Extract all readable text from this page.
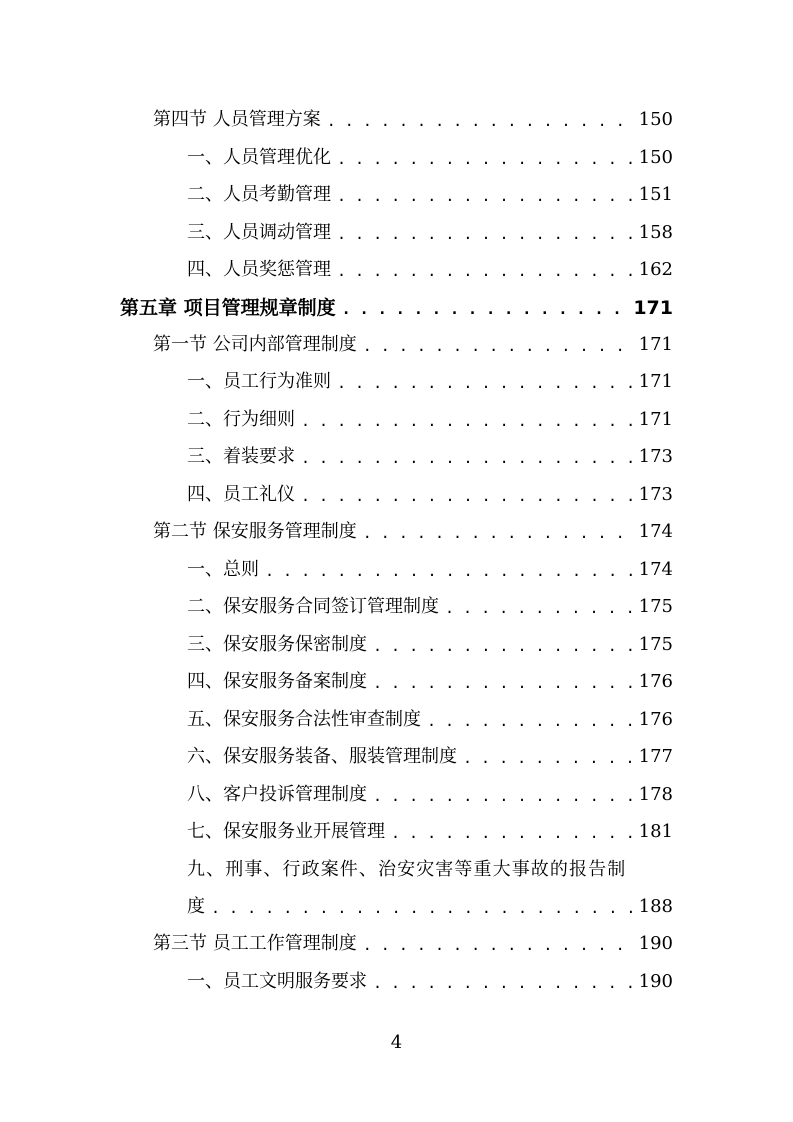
第四节 人员管理方案 . . .	150
一、人员管理优化 . . .	150
二、人员考勤管理 . . .	151
三、人员调动管理 . . .	158
四、人员奖惩管理 . . .	162
第五章 项目管理规章制度 . . .	171
第一节 公司内部管理制度 . . .	171
一、员工行为准则 . . .	171
二、行为细则 . . .	171
三、着装要求 . . .	173
四、员工礼仪 . . .	173
第二节 保安服务管理制度 . . .	174
一、总则 . . .	174
二、保安服务合同签订管理制度 . . .	175
三、保安服务保密制度 . . .	175
四、保安服务备案制度 . . .	176
五、保安服务合法性审查制度 . . .	176
六、保安服务装备、服装管理制度 . . .	177
八、客户投诉管理制度 . . .	178
七、保安服务业开展管理 . . .	181
九、刑事、行政案件、治安灾害等重大事故的报告制
度 . . .	188
第三节 员工工作管理制度 . . .	190
一、员工文明服务要求 . . .	190
4
